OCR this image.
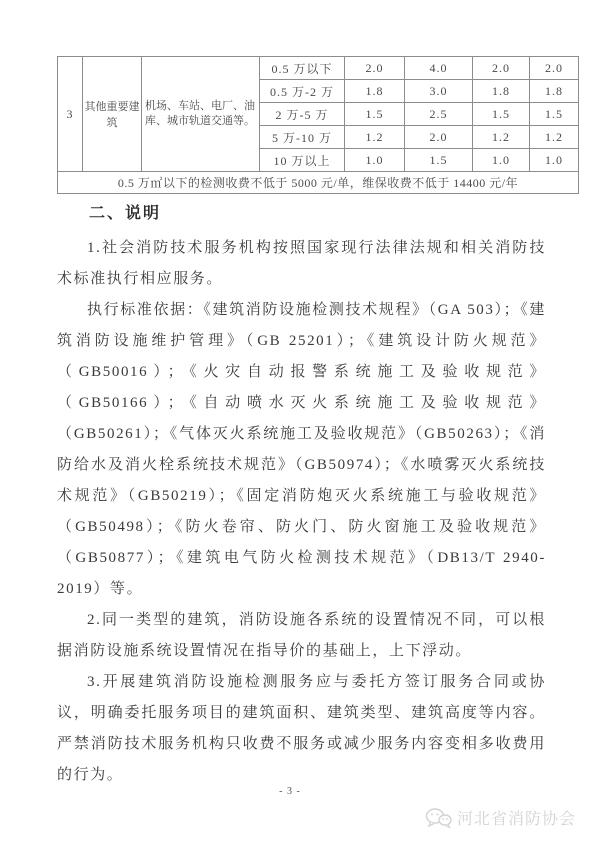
3	其他重要建筑	机场、车站、电厂、油库、城市轨道交通等。	0.5 万以下	2.0	4.0	2.0	2.0
			0.5 万-2 万	1.8	3.0	1.8	1.8
			2 万-5 万	1.5	2.5	1.5	1.5
			5 万-10 万	1.2	2.0	1.2	1.2
			10 万以上	1.0	1.5	1.0	1.0
0.5 万㎡以下的检测收费不低于 5000 元/单，维保收费不低于 14400 元/年							
二、说明

1.社会消防技术服务机构按照国家现行法律法规和相关消防技术标准执行相应服务。

执行标准依据：《建筑消防设施检测技术规程》（GA 503）；《建筑消防设施维护管理》（GB 25201）；《建筑设计防火规范》（GB50016）；《火灾自动报警系统施工及验收规范》（GB50166）；《自动喷水灭火系统施工及验收规范》（GB50261）；《气体灭火系统施工及验收规范》（GB50263）；《消防给水及消火栓系统技术规范》（GB50974）；《水喷雾灭火系统技术规范》（GB50219）；《固定消防炮灭火系统施工与验收规范》（GB50498）；《防火卷帘、防火门、防火窗施工及验收规范》（GB50877）；《建筑电气防火检测技术规范》（DB13/T 2940-2019）等。

2.同一类型的建筑，消防设施各系统的设置情况不同，可以根据消防设施系统设置情况在指导价的基础上，上下浮动。

3.开展建筑消防设施检测服务应与委托方签订服务合同或协议，明确委托服务项目的建筑面积、建筑类型、建筑高度等内容。严禁消防技术服务机构只收费不服务或减少服务内容变相多收费用的行为。

- 3 -
河北省消防协会
